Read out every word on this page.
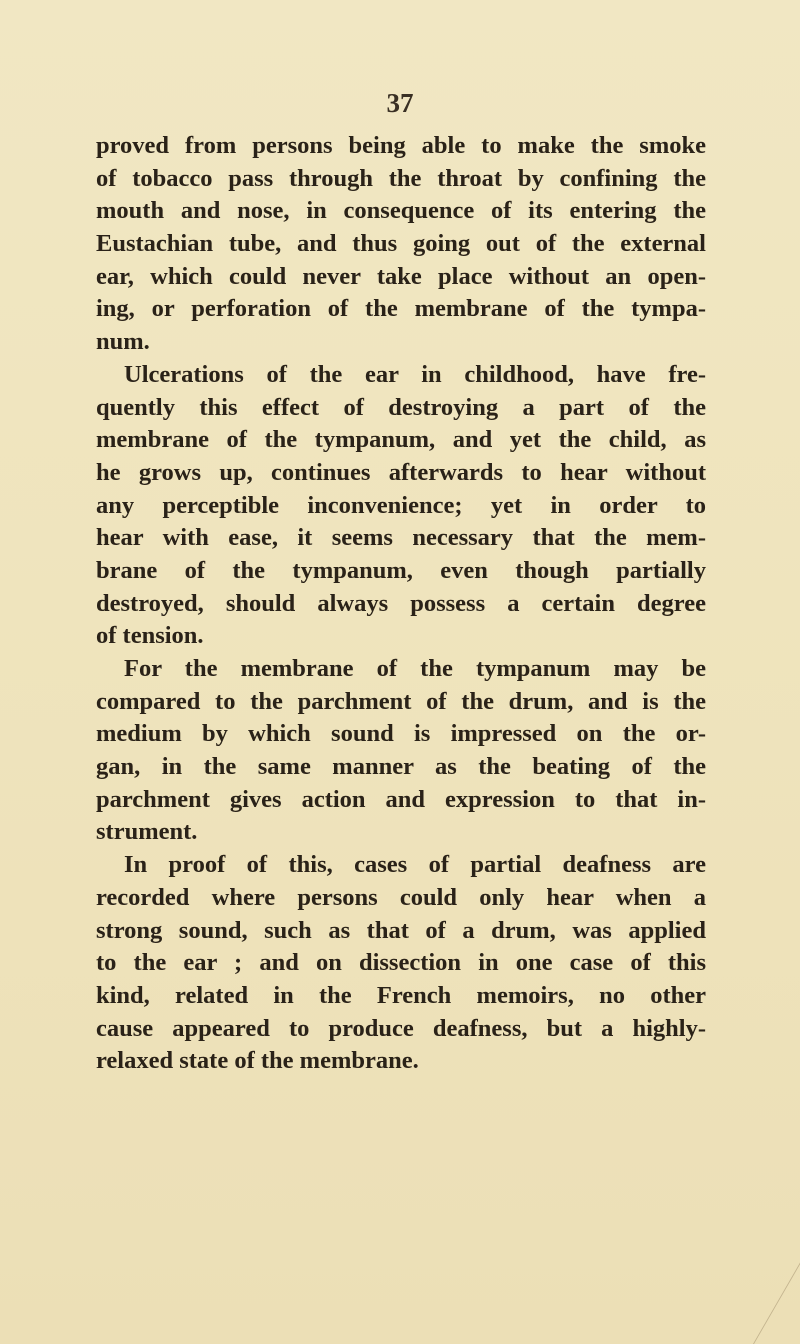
37
proved from persons being able to make the smoke
of tobacco pass through the throat by confining the
mouth and nose, in consequence of its entering the
Eustachian tube, and thus going out of the external
ear, which could never take place without an open-
ing, or perforation of the membrane of the tympa-
num.
Ulcerations of the ear in childhood, have fre-
quently this effect of destroying a part of the
membrane of the tympanum, and yet the child, as
he grows up, continues afterwards to hear without
any perceptible inconvenience; yet in order to
hear with ease, it seems necessary that the mem-
brane of the tympanum, even though partially
destroyed, should always possess a certain degree
of tension.
For the membrane of the tympanum may be
compared to the parchment of the drum, and is the
medium by which sound is impressed on the or-
gan, in the same manner as the beating of the
parchment gives action and expression to that in-
strument.
In proof of this, cases of partial deafness are
recorded where persons could only hear when a
strong sound, such as that of a drum, was applied
to the ear ; and on dissection in one case of this
kind, related in the French memoirs, no other
cause appeared to produce deafness, but a highly-
relaxed state of the membrane.
